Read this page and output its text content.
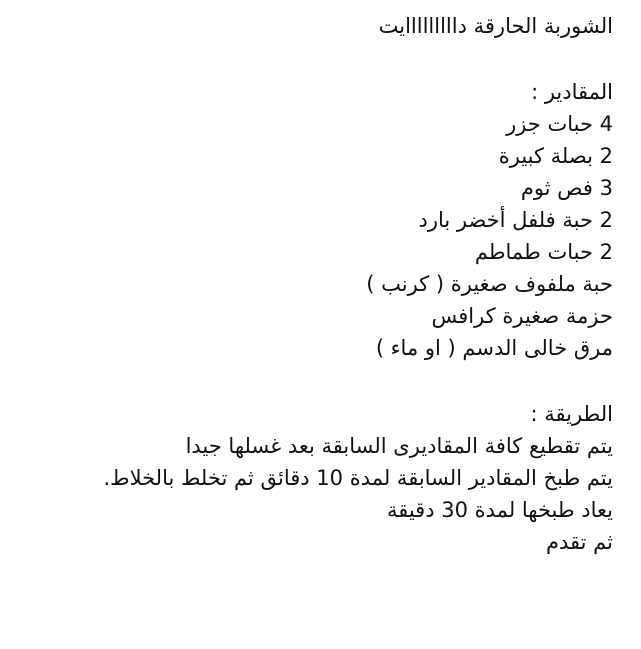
الشوربة الحارقة دااااااااايت
المقادير :
4 حبات جزر
2 بصلة كبيرة
3 فص ثوم
2 حبة فلفل أخضر بارد
2 حبات طماطم
حبة ملفوف صغيرة ( كرنب )
حزمة صغيرة كرافس
مرق خالى الدسم ( او ماء )
الطريقة :
يتم تقطيع كافة المقاديرى السابقة بعد غسلها جيدا
يتم طبخ المقادير السابقة لمدة 10 دقائق ثم تخلط بالخلاط.
يعاد طبخها لمدة 30 دقيقة
ثم تقدم
